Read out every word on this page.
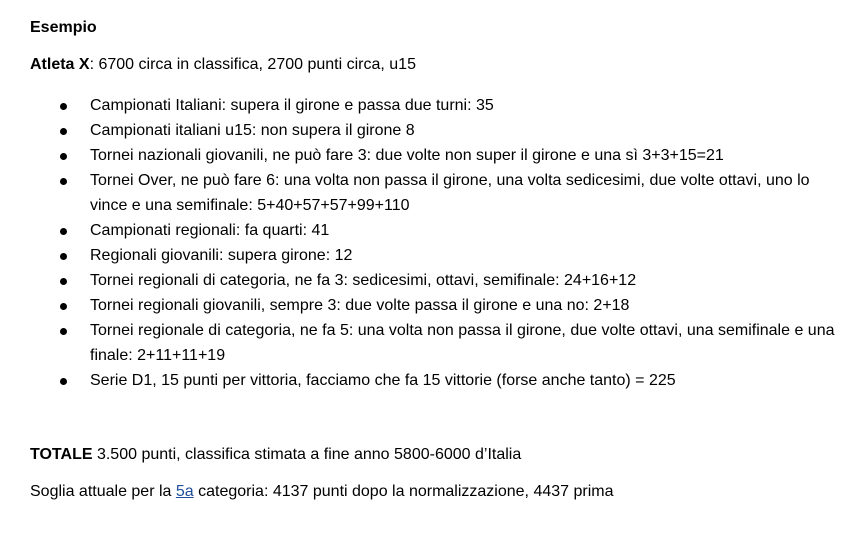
Esempio
Atleta X: 6700 circa in classifica, 2700 punti circa, u15
Campionati Italiani: supera il girone e passa due turni: 35
Campionati italiani u15: non supera il girone 8
Tornei nazionali giovanili, ne può fare 3: due volte non super il girone e una sì 3+3+15=21
Tornei Over, ne può fare 6: una volta non passa il girone, una volta sedicesimi, due volte ottavi, uno lo vince e una semifinale: 5+40+57+57+99+110
Campionati regionali: fa quarti: 41
Regionali giovanili: supera girone: 12
Tornei regionali di categoria, ne fa 3: sedicesimi, ottavi, semifinale: 24+16+12
Tornei regionali giovanili, sempre 3: due volte passa il girone e una no: 2+18
Tornei regionale di categoria, ne fa 5: una volta non passa il girone, due volte ottavi, una semifinale e una finale: 2+11+11+19
Serie D1, 15 punti per vittoria, facciamo che fa 15 vittorie (forse anche tanto) = 225
TOTALE 3.500 punti, classifica stimata a fine anno 5800-6000 d’Italia
Soglia attuale per la 5a categoria: 4137 punti dopo la normalizzazione, 4437 prima
